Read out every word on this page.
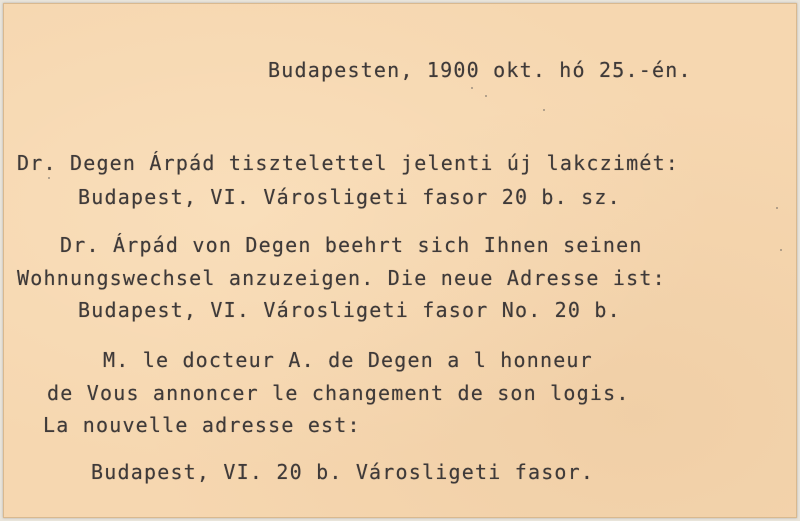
Budapesten, 1900 okt. hó 25.-én.
Dr. Degen Árpád tisztelettel jelenti új lakczimét:
Budapest, VI. Városligeti fasor 20 b. sz.
Dr. Árpád von Degen beehrt sich Ihnen seinen
Wohnungswechsel anzuzeigen. Die neue Adresse ist:
Budapest, VI. Városligeti fasor No. 20 b.
M. le docteur A. de Degen a l honneur
de Vous annoncer le changement de son logis.
La nouvelle adresse est:
Budapest, VI. 20 b. Városligeti fasor.
